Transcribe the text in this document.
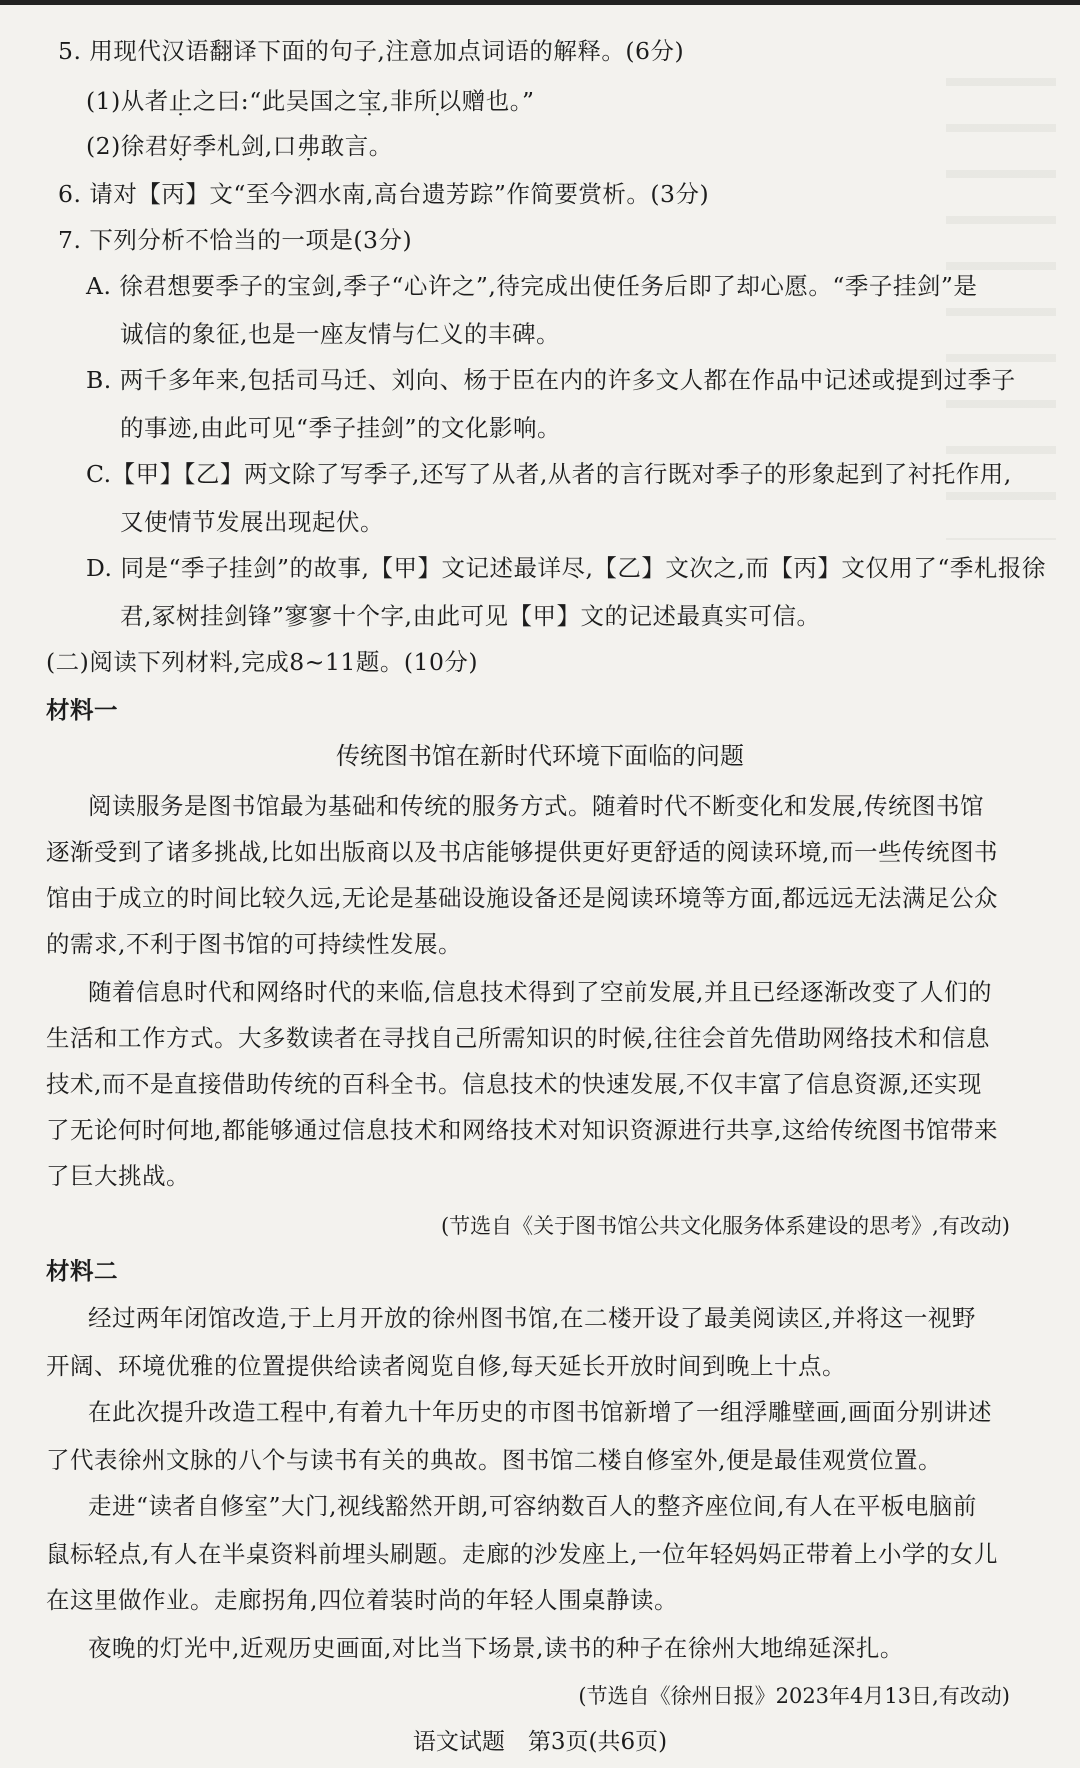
5. 用现代汉语翻译下面的句子,注意加点词语的解释。(6分)
(1)从者止之曰:“此吴国之宝,非所以赠也。”
(2)徐君好季札剑,口弗敢言。
6. 请对【丙】文“至今泗水南,高台遗芳踪”作简要赏析。(3分)
7. 下列分析不恰当的一项是(3分)
A. 徐君想要季子的宝剑,季子“心许之”,待完成出使任务后即了却心愿。“季子挂剑”是
诚信的象征,也是一座友情与仁义的丰碑。
B. 两千多年来,包括司马迁、刘向、杨于臣在内的许多文人都在作品中记述或提到过季子
的事迹,由此可见“季子挂剑”的文化影响。
C.【甲】【乙】两文除了写季子,还写了从者,从者的言行既对季子的形象起到了衬托作用,
又使情节发展出现起伏。
D. 同是“季子挂剑”的故事,【甲】文记述最详尽,【乙】文次之,而【丙】文仅用了“季札报徐
君,冢树挂剑锋”寥寥十个字,由此可见【甲】文的记述最真实可信。
(二)阅读下列材料,完成8~11题。(10分)
材料一
传统图书馆在新时代环境下面临的问题
阅读服务是图书馆最为基础和传统的服务方式。随着时代不断变化和发展,传统图书馆
逐渐受到了诸多挑战,比如出版商以及书店能够提供更好更舒适的阅读环境,而一些传统图书
馆由于成立的时间比较久远,无论是基础设施设备还是阅读环境等方面,都远远无法满足公众
的需求,不利于图书馆的可持续性发展。
随着信息时代和网络时代的来临,信息技术得到了空前发展,并且已经逐渐改变了人们的
生活和工作方式。大多数读者在寻找自己所需知识的时候,往往会首先借助网络技术和信息
技术,而不是直接借助传统的百科全书。信息技术的快速发展,不仅丰富了信息资源,还实现
了无论何时何地,都能够通过信息技术和网络技术对知识资源进行共享,这给传统图书馆带来
了巨大挑战。
(节选自《关于图书馆公共文化服务体系建设的思考》,有改动)
材料二
经过两年闭馆改造,于上月开放的徐州图书馆,在二楼开设了最美阅读区,并将这一视野
开阔、环境优雅的位置提供给读者阅览自修,每天延长开放时间到晚上十点。
在此次提升改造工程中,有着九十年历史的市图书馆新增了一组浮雕壁画,画面分别讲述
了代表徐州文脉的八个与读书有关的典故。图书馆二楼自修室外,便是最佳观赏位置。
走进“读者自修室”大门,视线豁然开朗,可容纳数百人的整齐座位间,有人在平板电脑前
鼠标轻点,有人在半桌资料前埋头刷题。走廊的沙发座上,一位年轻妈妈正带着上小学的女儿
在这里做作业。走廊拐角,四位着装时尚的年轻人围桌静读。
夜晚的灯光中,近观历史画面,对比当下场景,读书的种子在徐州大地绵延深扎。
(节选自《徐州日报》2023年4月13日,有改动)
语文试题　第3页(共6页)
